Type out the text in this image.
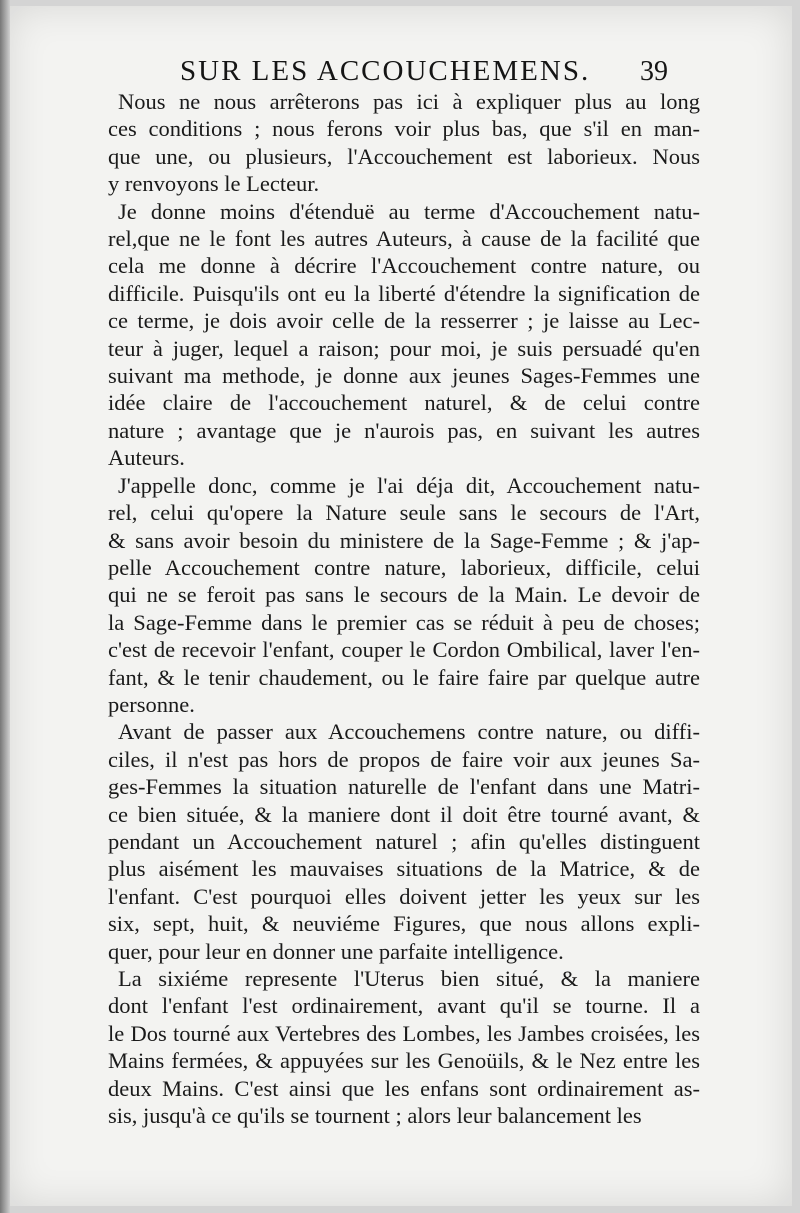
SUR LES ACCOUCHEMENS.	39
Nous ne nous arrêterons pas ici à expliquer plus au long
ces conditions ; nous ferons voir plus bas, que s'il en man-
que une, ou plusieurs, l'Accouchement est laborieux. Nous
y renvoyons le Lecteur.
Je donne moins d'étenduë au terme d'Accouchement natu-
rel,que ne le font les autres Auteurs, à cause de la facilité que
cela me donne à décrire l'Accouchement contre nature, ou
difficile. Puisqu'ils ont eu la liberté d'étendre la signification de
ce terme, je dois avoir celle de la resserrer ; je laisse au Lec-
teur à juger, lequel a raison; pour moi, je suis persuadé qu'en
suivant ma methode, je donne aux jeunes Sages-Femmes une
idée claire de l'accouchement naturel, & de celui contre
nature ; avantage que je n'aurois pas, en suivant les autres
Auteurs.
J'appelle donc, comme je l'ai déja dit, Accouchement natu-
rel, celui qu'opere la Nature seule sans le secours de l'Art,
& sans avoir besoin du ministere de la Sage-Femme ; & j'ap-
pelle Accouchement contre nature, laborieux, difficile, celui
qui ne se feroit pas sans le secours de la Main. Le devoir de
la Sage-Femme dans le premier cas se réduit à peu de choses;
c'est de recevoir l'enfant, couper le Cordon Ombilical, laver l'en-
fant, & le tenir chaudement, ou le faire faire par quelque autre
personne.
Avant de passer aux Accouchemens contre nature, ou diffi-
ciles, il n'est pas hors de propos de faire voir aux jeunes Sa-
ges-Femmes la situation naturelle de l'enfant dans une Matri-
ce bien située, & la maniere dont il doit être tourné avant, &
pendant un Accouchement naturel ; afin qu'elles distinguent
plus aisément les mauvaises situations de la Matrice, & de
l'enfant. C'est pourquoi elles doivent jetter les yeux sur les
six, sept, huit, & neuviéme Figures, que nous allons expli-
quer, pour leur en donner une parfaite intelligence.
La sixiéme represente l'Uterus bien situé, & la maniere
dont l'enfant l'est ordinairement, avant qu'il se tourne. Il a
le Dos tourné aux Vertebres des Lombes, les Jambes croisées, les
Mains fermées, & appuyées sur les Genoüils, & le Nez entre les
deux Mains. C'est ainsi que les enfans sont ordinairement as-
sis, jusqu'à ce qu'ils se tournent ; alors leur balancement les
